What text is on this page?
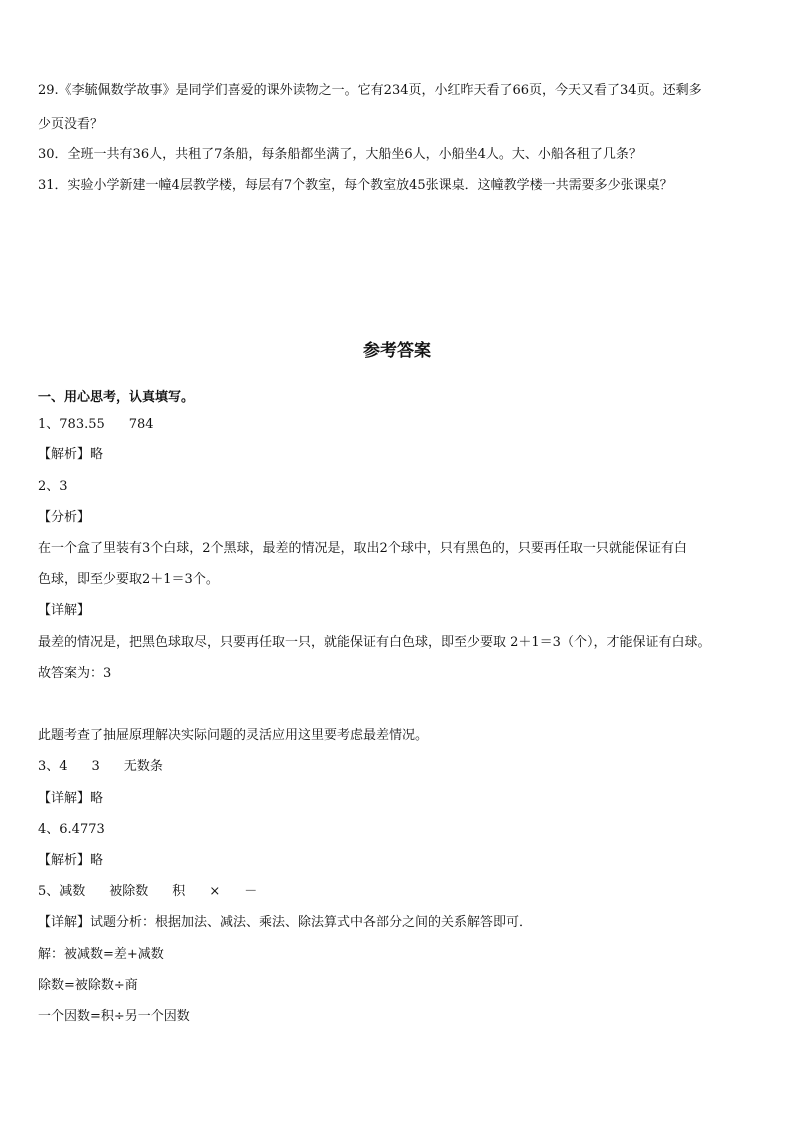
29.《李毓佩数学故事》是同学们喜爱的课外读物之一。它有234页，小红昨天看了66页，今天又看了34页。还剩多
少页没看？
30．全班一共有36人，共租了7条船，每条船都坐满了，大船坐6人，小船坐4人。大、小船各租了几条？
31．实验小学新建一幢4层教学楼，每层有7个教室，每个教室放45张课桌．这幢教学楼一共需要多少张课桌？
参考答案
一、用心思考，认真填写。
1、783.55 784
【解析】略
2、3
【分析】
在一个盒了里装有3个白球，2个黑球，最差的情况是，取出2个球中，只有黑色的，只要再任取一只就能保证有白
色球，即至少要取2＋1＝3个。
【详解】
最差的情况是，把黑色球取尽，只要再任取一只，就能保证有白色球，即至少要取 2＋1＝3（个），才能保证有白球。
故答案为：3
此题考查了抽屉原理解决实际问题的灵活应用这里要考虑最差情况。
3、4 3 无数条
【详解】略
4、6.4773
【解析】略
5、减数 被除数 积 × －
【详解】试题分析：根据加法、减法、乘法、除法算式中各部分之间的关系解答即可．
解：被减数=差+减数
除数=被除数÷商
一个因数=积÷另一个因数
